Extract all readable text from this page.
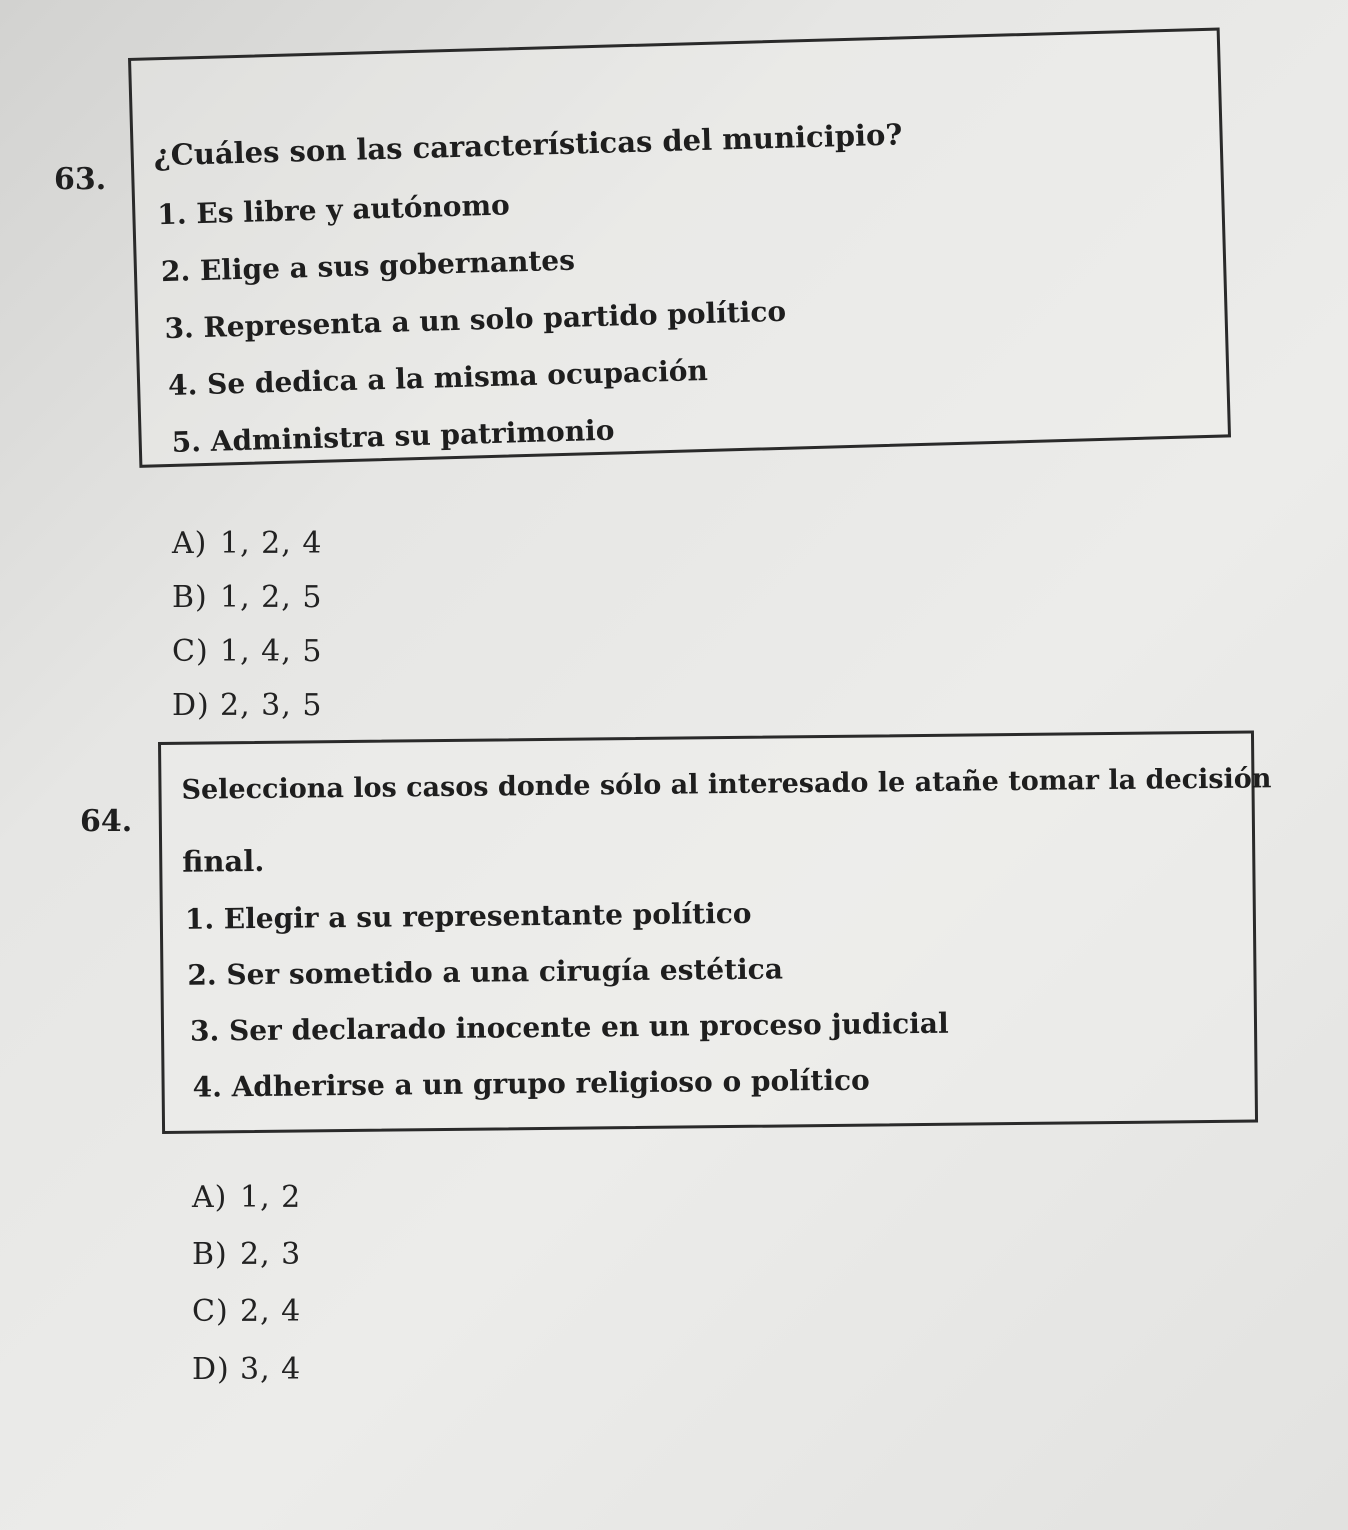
63.
¿Cuáles son las características del municipio?
1. Es libre y autónomo
2. Elige a sus gobernantes
3. Representa a un solo partido político
4. Se dedica a la misma ocupación
5. Administra su patrimonio
A) 1, 2, 4
B) 1, 2, 5
C) 1, 4, 5
D) 2, 3, 5
64.
Selecciona los casos donde sólo al interesado le atañe tomar la decisión
final.
1. Elegir a su representante político
2. Ser sometido a una cirugía estética
3. Ser declarado inocente en un proceso judicial
4. Adherirse a un grupo religioso o político
A) 1, 2
B) 2, 3
C) 2, 4
D) 3, 4
